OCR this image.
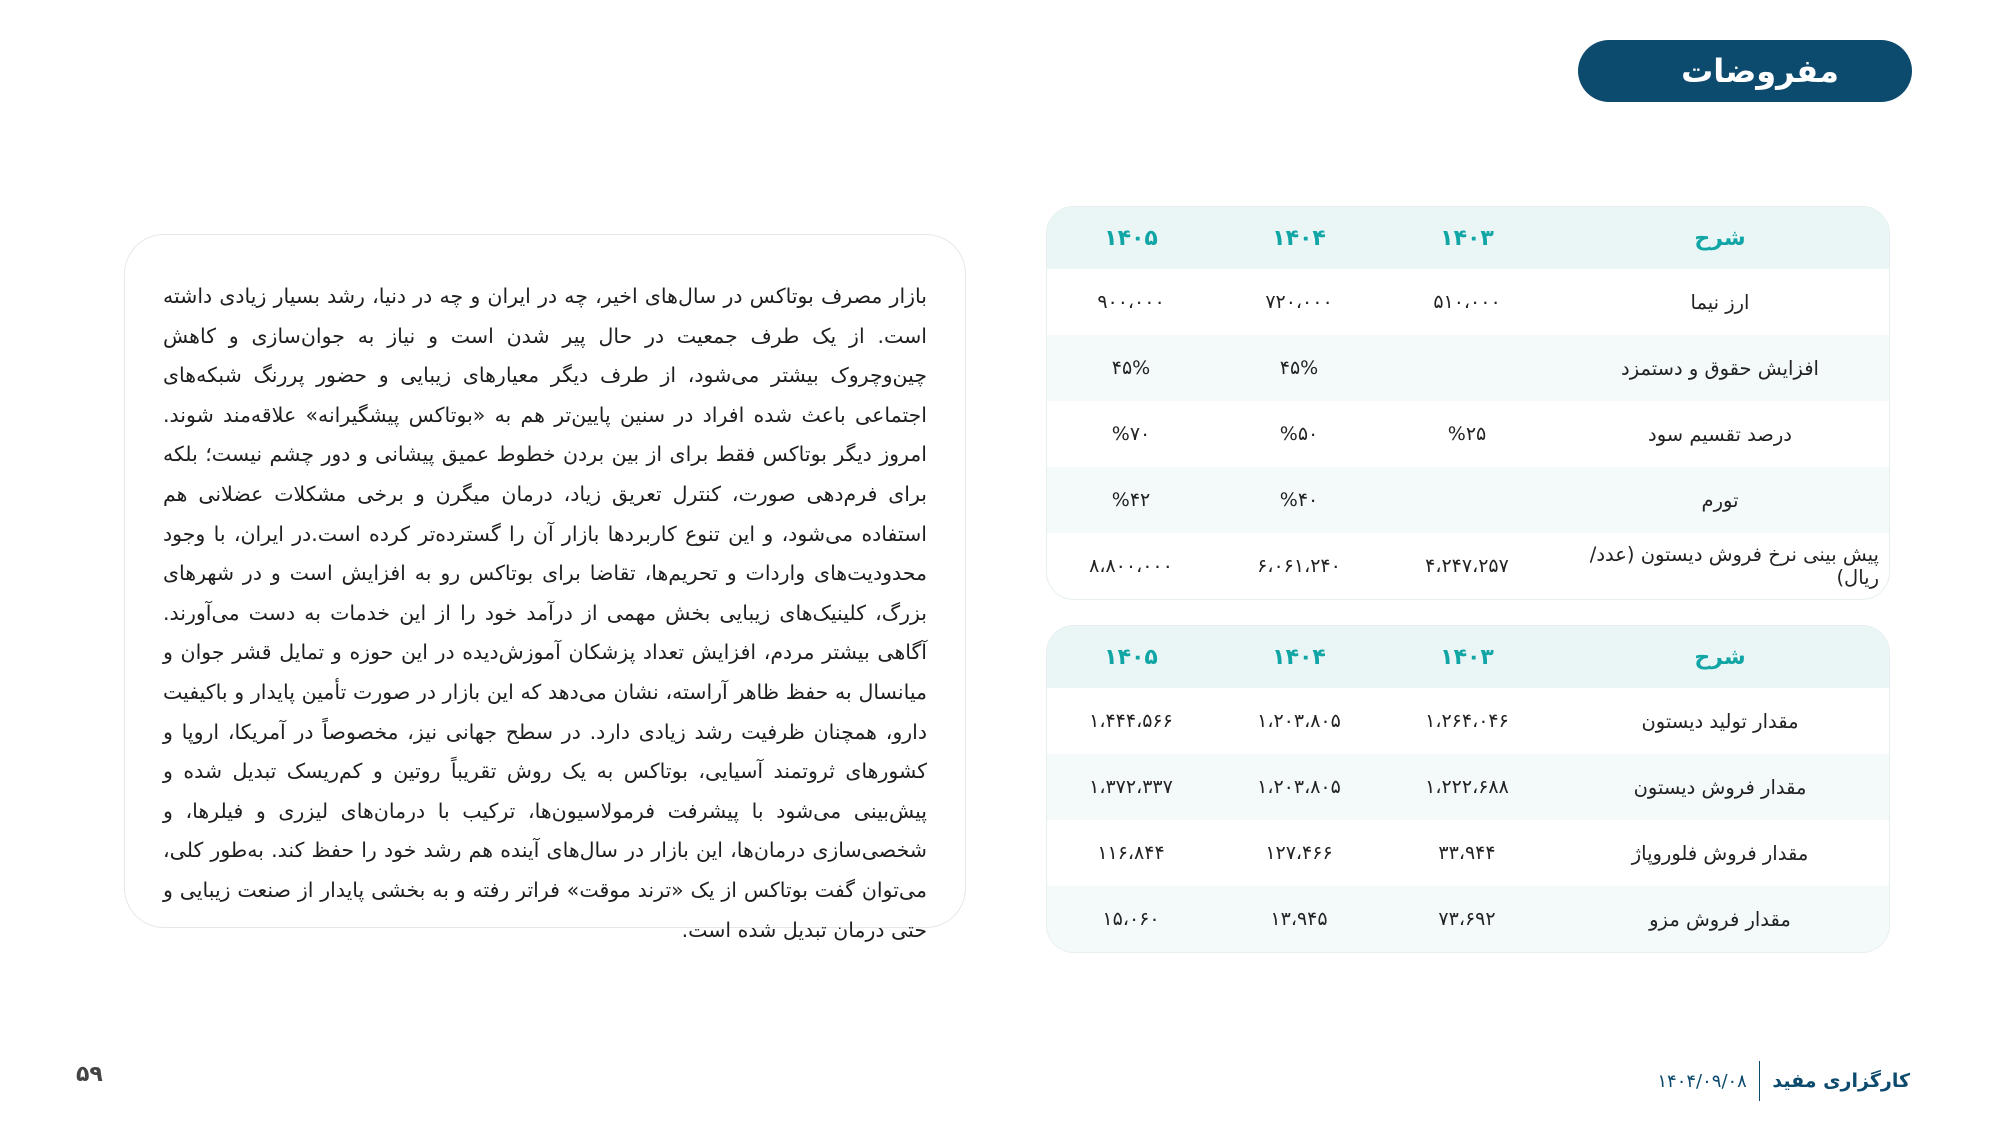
مفروضات

بازار مصرف بوتاکس در سال‌های اخیر، چه در ایران و چه در دنیا، رشد بسیار زیادی داشته است. از یک طرف جمعیت در حال پیر شدن است و نیاز به جوان‌سازی و کاهش چین‌وچروک بیشتر می‌شود، از طرف دیگر معیارهای زیبایی و حضور پررنگ شبکه‌های اجتماعی باعث شده افراد در سنین پایین‌تر هم به «بوتاکس پیشگیرانه» علاقه‌مند شوند. امروز دیگر بوتاکس فقط برای از بین بردن خطوط عمیق پیشانی و دور چشم نیست؛ بلکه برای فرم‌دهی صورت، کنترل تعریق زیاد، درمان میگرن و برخی مشکلات عضلانی هم استفاده می‌شود، و این تنوع کاربردها بازار آن را گسترده‌تر کرده است.در ایران، با وجود محدودیت‌های واردات و تحریم‌ها، تقاضا برای بوتاکس رو به افزایش است و در شهرهای بزرگ، کلینیک‌های زیبایی بخش مهمی از درآمد خود را از این خدمات به دست می‌آورند. آگاهی بیشتر مردم، افزایش تعداد پزشکان آموزش‌دیده در این حوزه و تمایل قشر جوان و میانسال به حفظ ظاهر آراسته، نشان می‌دهد که این بازار در صورت تأمین پایدار و باکیفیت دارو، همچنان ظرفیت رشد زیادی دارد. در سطح جهانی نیز، مخصوصاً در آمریکا، اروپا و کشورهای ثروتمند آسیایی، بوتاکس به یک روش تقریباً روتین و کم‌ریسک تبدیل شده و پیش‌بینی می‌شود با پیشرفت فرمولاسیون‌ها، ترکیب با درمان‌های لیزری و فیلرها، و شخصی‌سازی درمان‌ها، این بازار در سال‌های آینده هم رشد خود را حفظ کند. به‌طور کلی، می‌توان گفت بوتاکس از یک «ترند موقت» فراتر رفته و به بخشی پایدار از صنعت زیبایی و حتی درمان تبدیل شده است.

شرح	۱۴۰۳	۱۴۰۴	۱۴۰۵
ارز نیما	۵۱۰،۰۰۰	۷۲۰،۰۰۰	۹۰۰،۰۰۰
افزایش حقوق و دستمزد		۴۵%	۴۵%
درصد تقسیم سود	%۲۵	%۵۰	%۷۰
تورم		%۴۰	%۴۲
پیش بینی نرخ فروش دیستون (عدد/ریال)	۴،۲۴۷،۲۵۷	۶،۰۶۱،۲۴۰	۸،۸۰۰،۰۰۰
شرح	۱۴۰۳	۱۴۰۴	۱۴۰۵
مقدار تولید دیستون	۱،۲۶۴،۰۴۶	۱،۲۰۳،۸۰۵	۱،۴۴۴،۵۶۶
مقدار فروش دیستون	۱،۲۲۲،۶۸۸	۱،۲۰۳،۸۰۵	۱،۳۷۲،۳۳۷
مقدار فروش فلوروپاژ	۳۳،۹۴۴	۱۲۷،۴۶۶	۱۱۶،۸۴۴
مقدار فروش مزو	۷۳،۶۹۲	۱۳،۹۴۵	۱۵،۰۶۰
کارگزاری مفید
۱۴۰۴/۰۹/۰۸
۵۹
